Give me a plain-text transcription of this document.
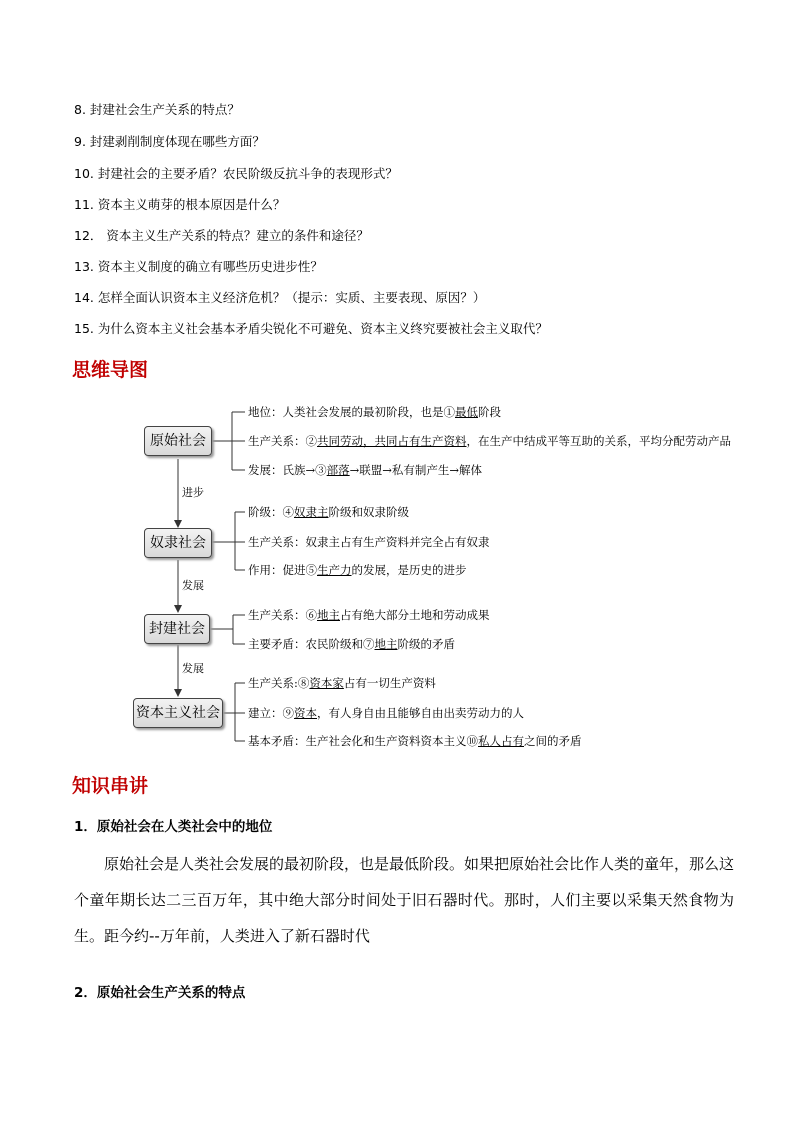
8. 封建社会生产关系的特点？
9. 封建剥削制度体现在哪些方面？
10. 封建社会的主要矛盾？农民阶级反抗斗争的表现形式？
11. 资本主义萌芽的根本原因是什么？
12． 资本主义生产关系的特点？建立的条件和途径？
13. 资本主义制度的确立有哪些历史进步性？
14. 怎样全面认识资本主义经济危机？（提示：实质、主要表现、原因？）
15. 为什么资本主义社会基本矛盾尖锐化不可避免、资本主义终究要被社会主义取代？
思维导图
原始社会
奴隶社会
封建社会
资本主义社会
进步
发展
发展
地位：人类社会发展的最初阶段，也是①最低阶段
生产关系：②共同劳动，共同占有生产资料，在生产中结成平等互助的关系，平均分配劳动产品
发展：氏族→③部落→联盟→私有制产生→解体
阶级：④奴隶主阶级和奴隶阶级
生产关系：奴隶主占有生产资料并完全占有奴隶
作用：促进⑤生产力的发展，是历史的进步
生产关系：⑥地主占有绝大部分土地和劳动成果
主要矛盾：农民阶级和⑦地主阶级的矛盾
生产关系:⑧资本家占有一切生产资料
建立：⑨资本，有人身自由且能够自由出卖劳动力的人
基本矛盾：生产社会化和生产资料资本主义⑩私人占有之间的矛盾
知识串讲
1．原始社会在人类社会中的地位
原始社会是人类社会发展的最初阶段，也是最低阶段。如果把原始社会比作人类的童年，那么这个童年期长达二三百万年，其中绝大部分时间处于旧石器时代。那时，人们主要以采集天然食物为生。距今约--万年前，人类进入了新石器时代
2．原始社会生产关系的特点
